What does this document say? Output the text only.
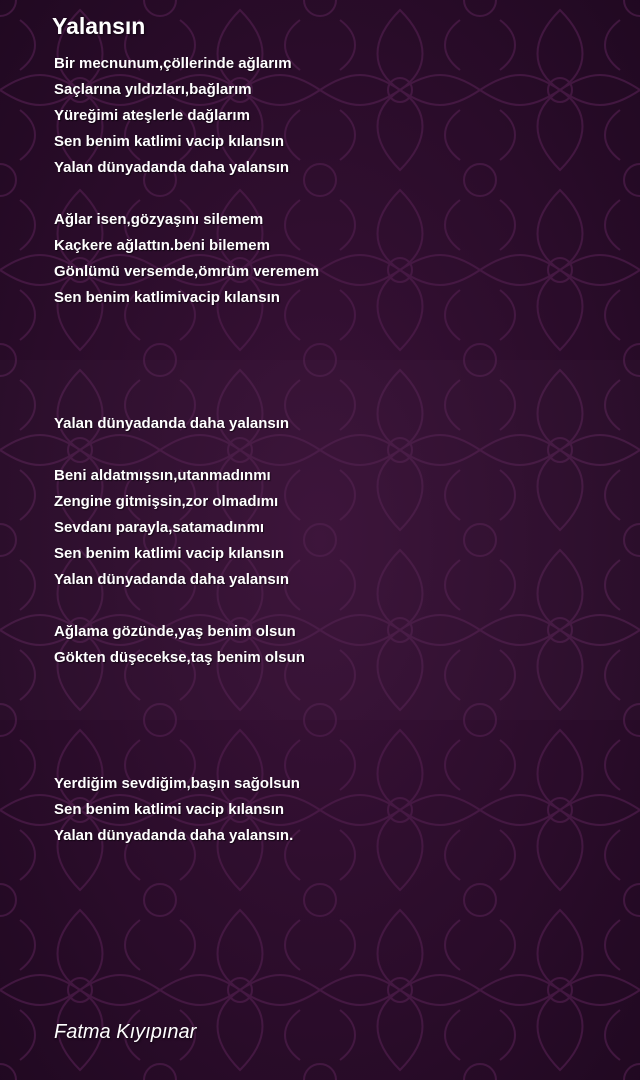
Yalansın
Bir mecnunum,çöllerinde ağlarım
Saçlarına yıldızları,bağlarım
Yüreğimi ateşlerle dağlarım
Sen benim katlimi vacip kılansın
Yalan dünyadanda daha yalansın
Ağlar isen,gözyaşını silemem
Kaçkere ağlattın.beni bilemem
Gönlümü versemde,ömrüm veremem
Sen benim katlimivacip kılansın
Yalan dünyadanda daha yalansın
Beni aldatmışsın,utanmadınmı
Zengine gitmişsin,zor olmadımı
Sevdanı parayla,satamadınmı
Sen benim katlimi vacip kılansın
Yalan dünyadanda daha yalansın
Ağlama gözünde,yaş benim olsun
Gökten düşecekse,taş benim olsun
Yerdiğim sevdiğim,başın sağolsun
Sen benim katlimi vacip kılansın
Yalan dünyadanda daha yalansın.
Fatma Kıyıpınar
